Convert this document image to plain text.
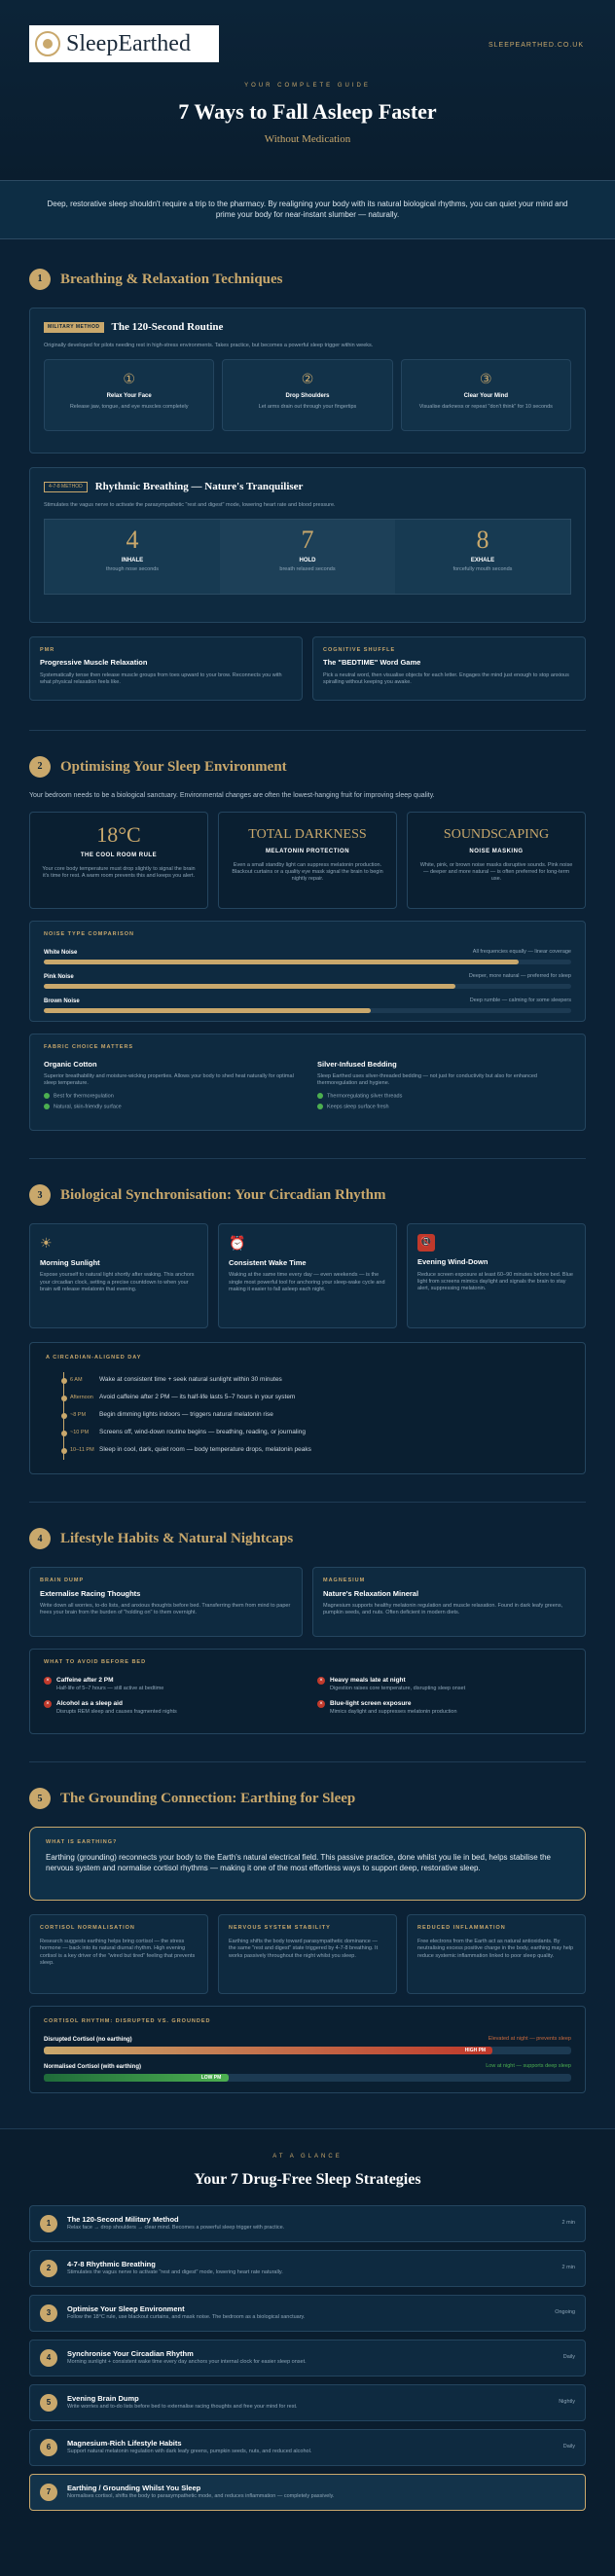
SleepEarthed	SLEEPEARTHED.CO.UK
YOUR COMPLETE GUIDE
7 Ways to Fall Asleep Faster
Without Medication
Deep, restorative sleep shouldn't require a trip to the pharmacy. By realigning your body with its natural biological rhythms, you can quiet your mind and prime your body for near-instant slumber — naturally.
1	Breathing & Relaxation Techniques
MILITARY METHOD	The 120-Second Routine
Originally developed for pilots needing rest in high-stress environments. Takes practice, but becomes a powerful sleep trigger within weeks.
①
Relax Your Face
Release jaw, tongue, and eye muscles completely
②
Drop Shoulders
Let arms drain out through your fingertips
③
Clear Your Mind
Visualise darkness or repeat "don't think" for 10 seconds
4-7-8 METHOD	Rhythmic Breathing — Nature's Tranquiliser
Stimulates the vagus nerve to activate the parasympathetic "rest and digest" mode, lowering heart rate and blood pressure.
4
INHALE
through nose seconds
7
HOLD
breath relaxed seconds
8
EXHALE
forcefully mouth seconds
PMR
Progressive Muscle Relaxation
Systematically tense then release muscle groups from toes upward to your brow. Reconnects you with what physical relaxation feels like.
COGNITIVE SHUFFLE
The "BEDTIME" Word Game
Pick a neutral word, then visualise objects for each letter. Engages the mind just enough to stop anxious spiralling without keeping you awake.
2	Optimising Your Sleep Environment
Your bedroom needs to be a biological sanctuary. Environmental changes are often the lowest-hanging fruit for improving sleep quality.
18°C
THE COOL ROOM RULE
Your core body temperature must drop slightly to signal the brain it's time for rest. A warm room prevents this and keeps you alert.
TOTAL DARKNESS
MELATONIN PROTECTION
Even a small standby light can suppress melatonin production. Blackout curtains or a quality eye mask signal the brain to begin nightly repair.
SOUNDSCAPING
NOISE MASKING
White, pink, or brown noise masks disruptive sounds. Pink noise — deeper and more natural — is often preferred for long-term use.
NOISE TYPE COMPARISON
White Noise	All frequencies equally — linear coverage
Pink Noise	Deeper, more natural — preferred for sleep
Brown Noise	Deep rumble — calming for some sleepers
FABRIC CHOICE MATTERS
Organic Cotton
Superior breathability and moisture-wicking properties. Allows your body to shed heat naturally for optimal sleep temperature.
Best for thermoregulation
Natural, skin-friendly surface
Silver-Infused Bedding
Sleep Earthed uses silver-threaded bedding — not just for conductivity but also for enhanced thermoregulation and hygiene.
Thermoregulating silver threads
Keeps sleep surface fresh
3	Biological Synchronisation: Your Circadian Rhythm
☀
Morning Sunlight
Expose yourself to natural light shortly after waking. This anchors your circadian clock, setting a precise countdown to when your brain will release melatonin that evening.
⏰
Consistent Wake Time
Waking at the same time every day — even weekends — is the single most powerful tool for anchoring your sleep-wake cycle and making it easier to fall asleep each night.
📵
Evening Wind-Down
Reduce screen exposure at least 60–90 minutes before bed. Blue light from screens mimics daylight and signals the brain to stay alert, suppressing melatonin.
A CIRCADIAN-ALIGNED DAY
6 AM	Wake at consistent time + seek natural sunlight within 30 minutes
Afternoon Avoid caffeine after 2 PM — its half-life lasts 5–7 hours in your system
~8 PM	Begin dimming lights indoors — triggers natural melatonin rise
~10 PM	Screens off, wind-down routine begins — breathing, reading, or journaling
10–11 PM Sleep in cool, dark, quiet room — body temperature drops, melatonin peaks
4	Lifestyle Habits & Natural Nightcaps
BRAIN DUMP
Externalise Racing Thoughts
Write down all worries, to-do lists, and anxious thoughts before bed. Transferring them from mind to paper frees your brain from the burden of "holding on" to them overnight.
MAGNESIUM
Nature's Relaxation Mineral
Magnesium supports healthy melatonin regulation and muscle relaxation. Found in dark leafy greens, pumpkin seeds, and nuts. Often deficient in modern diets.
WHAT TO AVOID BEFORE BED
×	Caffeine after 2 PM
Half-life of 5–7 hours — still active at bedtime
×	Heavy meals late at night
Digestion raises core temperature, disrupting sleep onset
×	Alcohol as a sleep aid
Disrupts REM sleep and causes fragmented nights
×	Blue-light screen exposure
Mimics daylight and suppresses melatonin production
5	The Grounding Connection: Earthing for Sleep
WHAT IS EARTHING?
Earthing (grounding) reconnects your body to the Earth's natural electrical field. This passive practice, done whilst you lie in bed, helps stabilise the nervous system and normalise cortisol rhythms — making it one of the most effortless ways to support deep, restorative sleep.
CORTISOL NORMALISATION
Research suggests earthing helps bring cortisol — the stress hormone — back into its natural diurnal rhythm. High evening cortisol is a key driver of the "wired but tired" feeling that prevents sleep.
NERVOUS SYSTEM STABILITY
Earthing shifts the body toward parasympathetic dominance — the same "rest and digest" state triggered by 4-7-8 breathing. It works passively throughout the night whilst you sleep.
REDUCED INFLAMMATION
Free electrons from the Earth act as natural antioxidants. By neutralising excess positive charge in the body, earthing may help reduce systemic inflammation linked to poor sleep quality.
CORTISOL RHYTHM: DISRUPTED VS. GROUNDED
Disrupted Cortisol (no earthing)	Elevated at night — prevents sleep
HIGH PM
Normalised Cortisol (with earthing)	Low at night — supports deep sleep
LOW PM
AT A GLANCE
Your 7 Drug-Free Sleep Strategies
1	The 120-Second Military Method
Relax face → drop shoulders → clear mind. Becomes a powerful sleep trigger with practice.
2 min
2	4-7-8 Rhythmic Breathing
Stimulates the vagus nerve to activate "rest and digest" mode, lowering heart rate naturally.
2 min
3	Optimise Your Sleep Environment
Follow the 18°C rule, use blackout curtains, and mask noise. The bedroom as a biological sanctuary.
Ongoing
4	Synchronise Your Circadian Rhythm
Morning sunlight + consistent wake time every day anchors your internal clock for easier sleep onset.
Daily
5	Evening Brain Dump
Write worries and to-do lists before bed to externalise racing thoughts and free your mind for rest.
Nightly
6	Magnesium-Rich Lifestyle Habits
Support natural melatonin regulation with dark leafy greens, pumpkin seeds, nuts, and reduced alcohol.
Daily
7	Earthing / Grounding Whilst You Sleep
Normalises cortisol, shifts the body to parasympathetic mode, and reduces inflammation — completely passively.
